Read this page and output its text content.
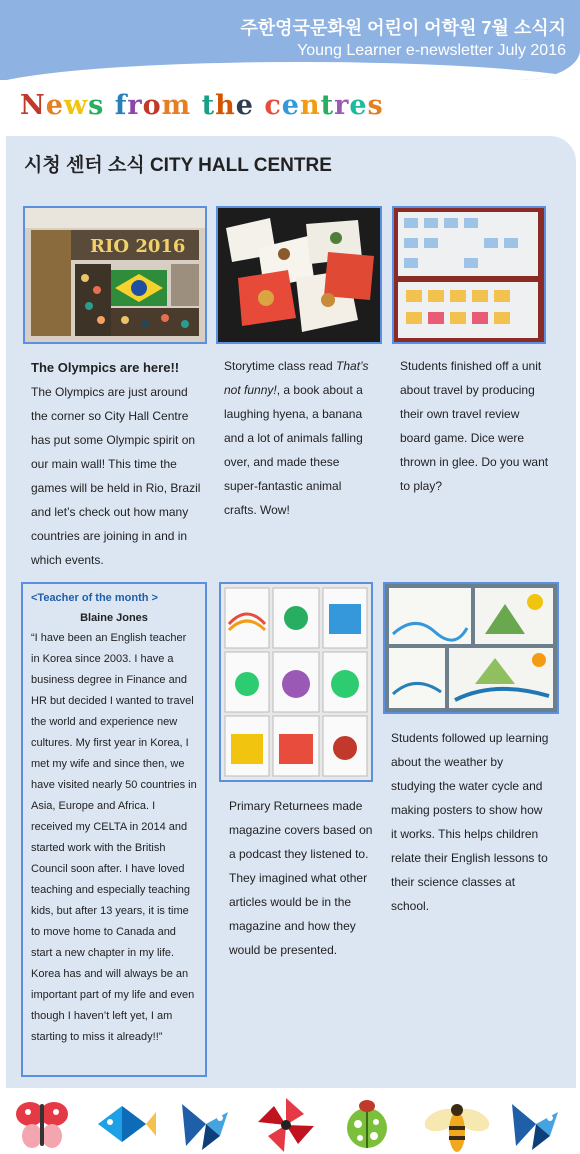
주한영국문화원 어린이 어학원 7월 소식지
Young Learner e-newsletter July 2016
News from the centres
시청 센터 소식 CITY HALL CENTRE
RIO 2016
The Olympics are here!!
The Olympics are just around the corner so City Hall Centre has put some Olympic spirit on our main wall! This time the games will be held in Rio, Brazil and let’s check out how many countries are joining in and in which events.
Storytime class read That’s not funny!, a book about a laughing hyena, a banana and a lot of animals falling over, and made these super-fantastic animal crafts. Wow!
Students finished off a unit about travel by producing their own travel review board game. Dice were thrown in glee. Do you want to play?
<Teacher of the month >
Blaine Jones
“I have been an English teacher in Korea since 2003. I have a business degree in Finance and HR but decided I wanted to travel the world and experience new cultures. My first year in Korea, I met my wife and since then, we have visited nearly 50 countries in Asia, Europe and Africa. I received my CELTA in 2014 and started work with the British Council soon after. I have loved teaching and especially teaching kids, but after 13 years, it is time to move home to Canada and start a new chapter in my life. Korea has and will always be an important part of my life and even though I haven’t left yet, I am starting to miss it already!!”
Primary Returnees made magazine covers based on a podcast they listened to. They imagined what other articles would be in the magazine and how they would be presented.
Students followed up learning about the weather by studying the water cycle and making posters to show how it works. This helps children relate their English lessons to their science classes at school.
